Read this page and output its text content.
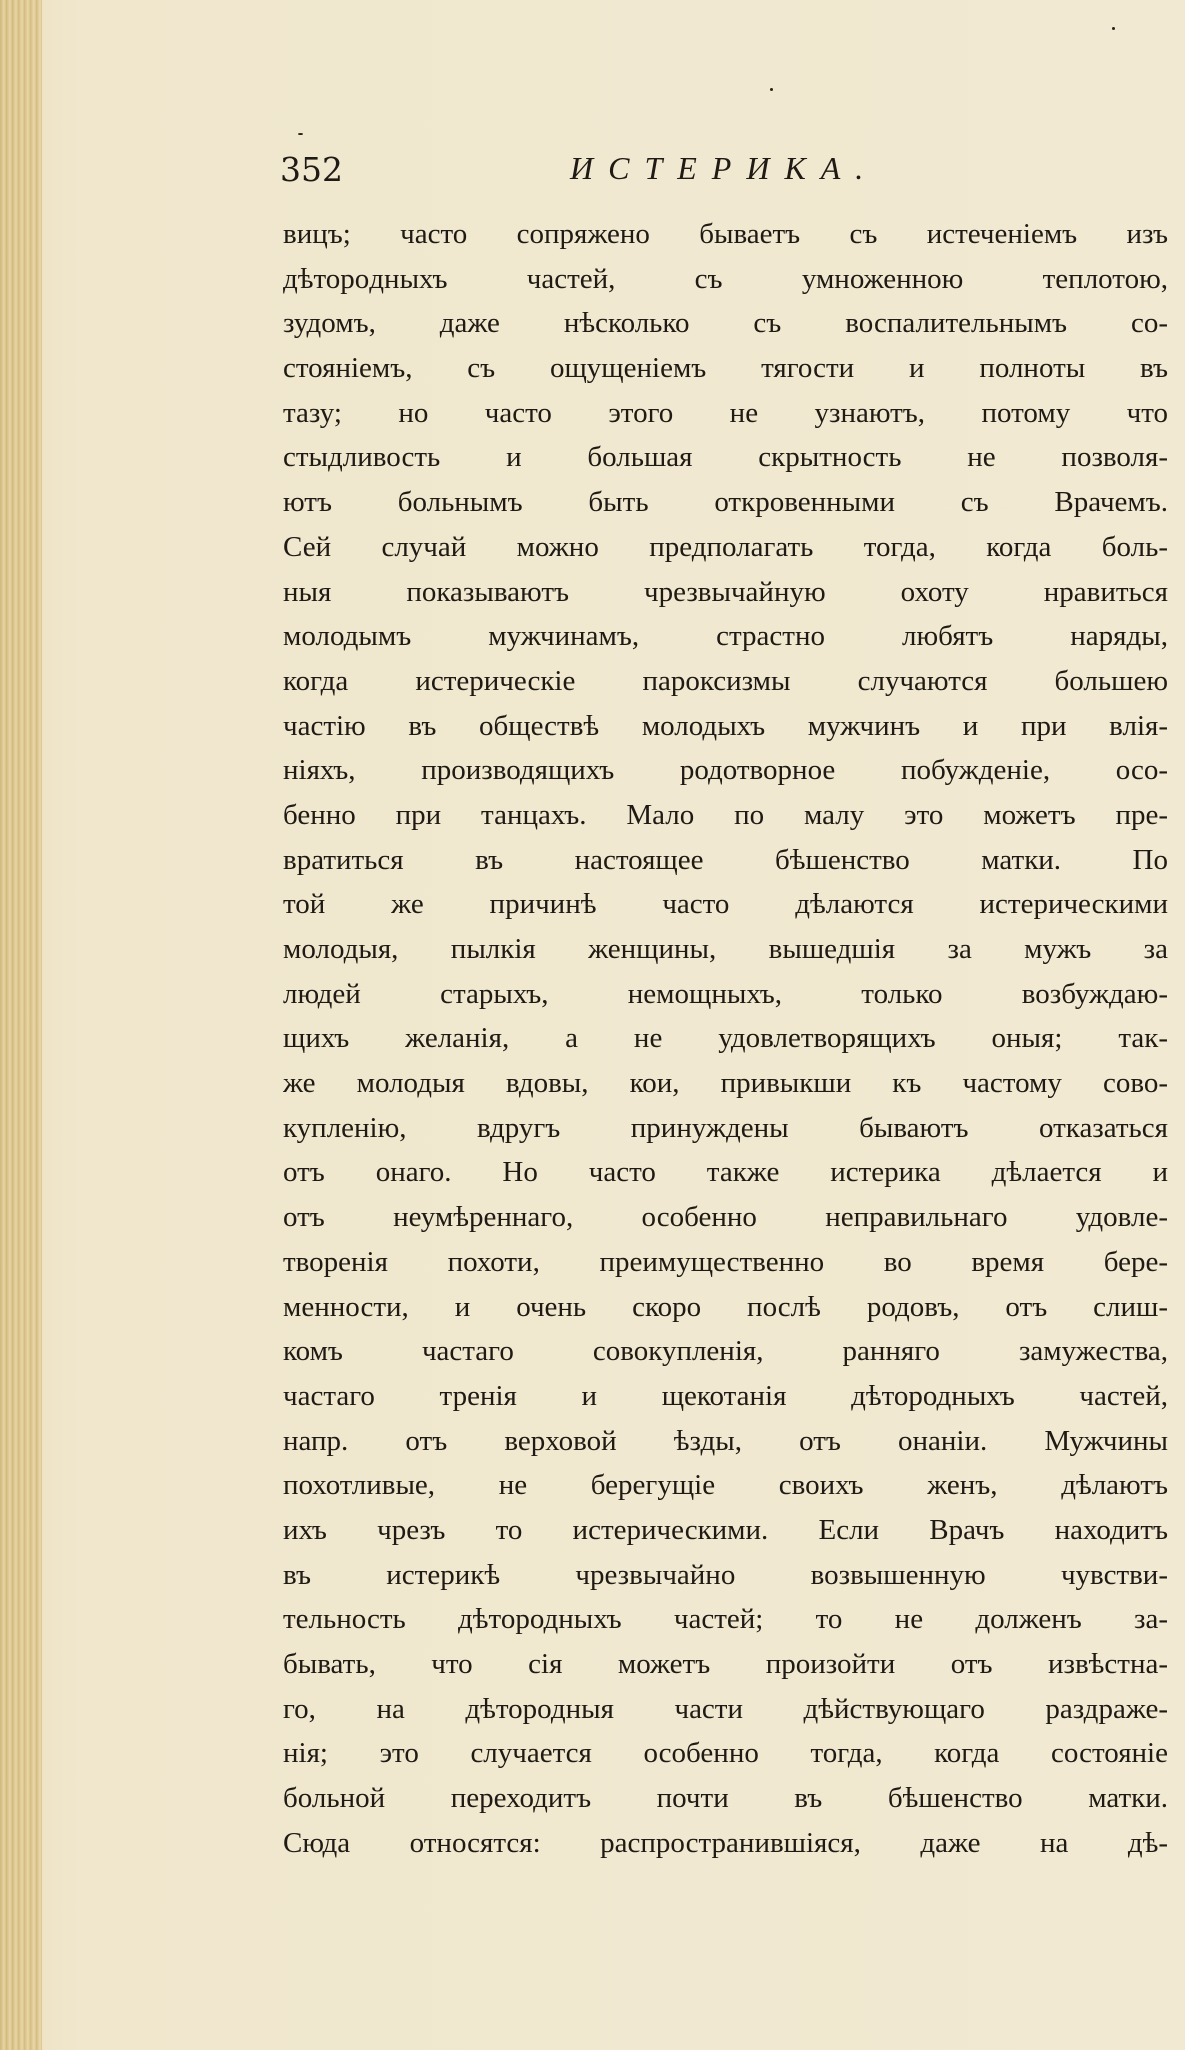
352	ИСТЕРИКА.
вицъ; часто сопряжено бываетъ съ истеченіемъ изъ
дѣторoдныхъ частей, съ умноженною теплотою,
зудомъ, даже нѣсколько съ воспалительнымъ со-
стояніемъ, съ ощущеніемъ тягости и полноты въ
тазу; но часто этого не узнаютъ, потому что
стыдливость и большая скрытность не позволя-
ютъ больнымъ быть откровенными съ Врачемъ.
Сей случай можно предполагать тогда, когда боль-
ныя показываютъ чрезвычайную охоту нравиться
молодымъ мужчинамъ, страстно любятъ наряды,
когда истерическіе пароксизмы случаются большею
частію въ обществѣ молодыхъ мужчинъ и при влія-
ніяхъ, производящихъ родотворное побужденіе, осо-
бенно при танцахъ. Мало по малу это можетъ пре-
вратиться въ настоящее бѣшенство матки. По
той же причинѣ часто дѣлаются истерическими
молодыя, пылкія женщины, вышедшія за мужъ за
людей старыхъ, немощныхъ, только возбуждаю-
щихъ желанія, а не удовлетворящихъ оныя; так-
же молодыя вдовы, кои, привыкши къ частому сово-
купленію, вдругъ принуждены бываютъ отказаться
отъ онаго. Но часто также истерика дѣлается и
отъ неумѣреннаго, особенно неправильнаго удовле-
творенія похоти, преимущественно во время бере-
менности, и очень скоро послѣ родовъ, отъ слиш-
комъ частаго совокупленія, ранняго замужества,
частаго тренія и щекотанія дѣтородныхъ частей,
напр. отъ верховой ѣзды, отъ онаніи. Мужчины
похотливые, не берегущіе своихъ женъ, дѣлаютъ
ихъ чрезъ то истерическими. Если Врачъ находитъ
въ истерикѣ чрезвычайно возвышенную чувстви-
тельность дѣтородныхъ частей; то не долженъ за-
бывать, что сія можетъ произойти отъ извѣстна-
го, на дѣтородныя части дѣйствующаго раздраже-
нія; это случается особенно тогда, когда состояніе
больной переходитъ почти въ бѣшенство матки.
Сюда относятся: распространившіяся, даже на дѣ-
